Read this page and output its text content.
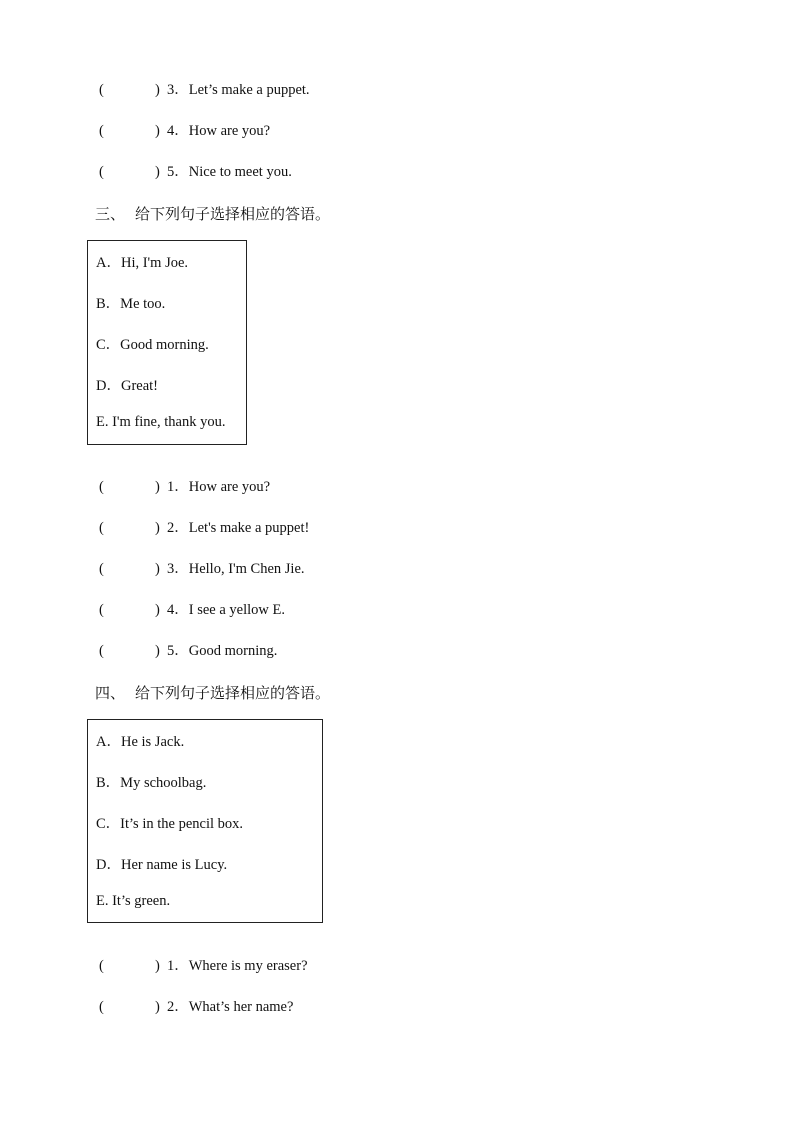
(	) 3．Let’s make a puppet.
(	) 4．How are you?
(	) 5．Nice to meet you.
三、 给下列句子选择相应的答语。
A．Hi, I'm Joe.
B．Me too.
C．Good morning.
D．Great!
E. I'm fine, thank you.
(	) 1．How are you?
(	) 2．Let's make a puppet!
(	) 3．Hello, I'm Chen Jie.
(	) 4．I see a yellow E.
(	) 5．Good morning.
四、 给下列句子选择相应的答语。
A．He is Jack.
B．My schoolbag.
C．It’s in the pencil box.
D．Her name is Lucy.
E. It’s green.
(	) 1．Where is my eraser?
(	) 2．What’s her name?
